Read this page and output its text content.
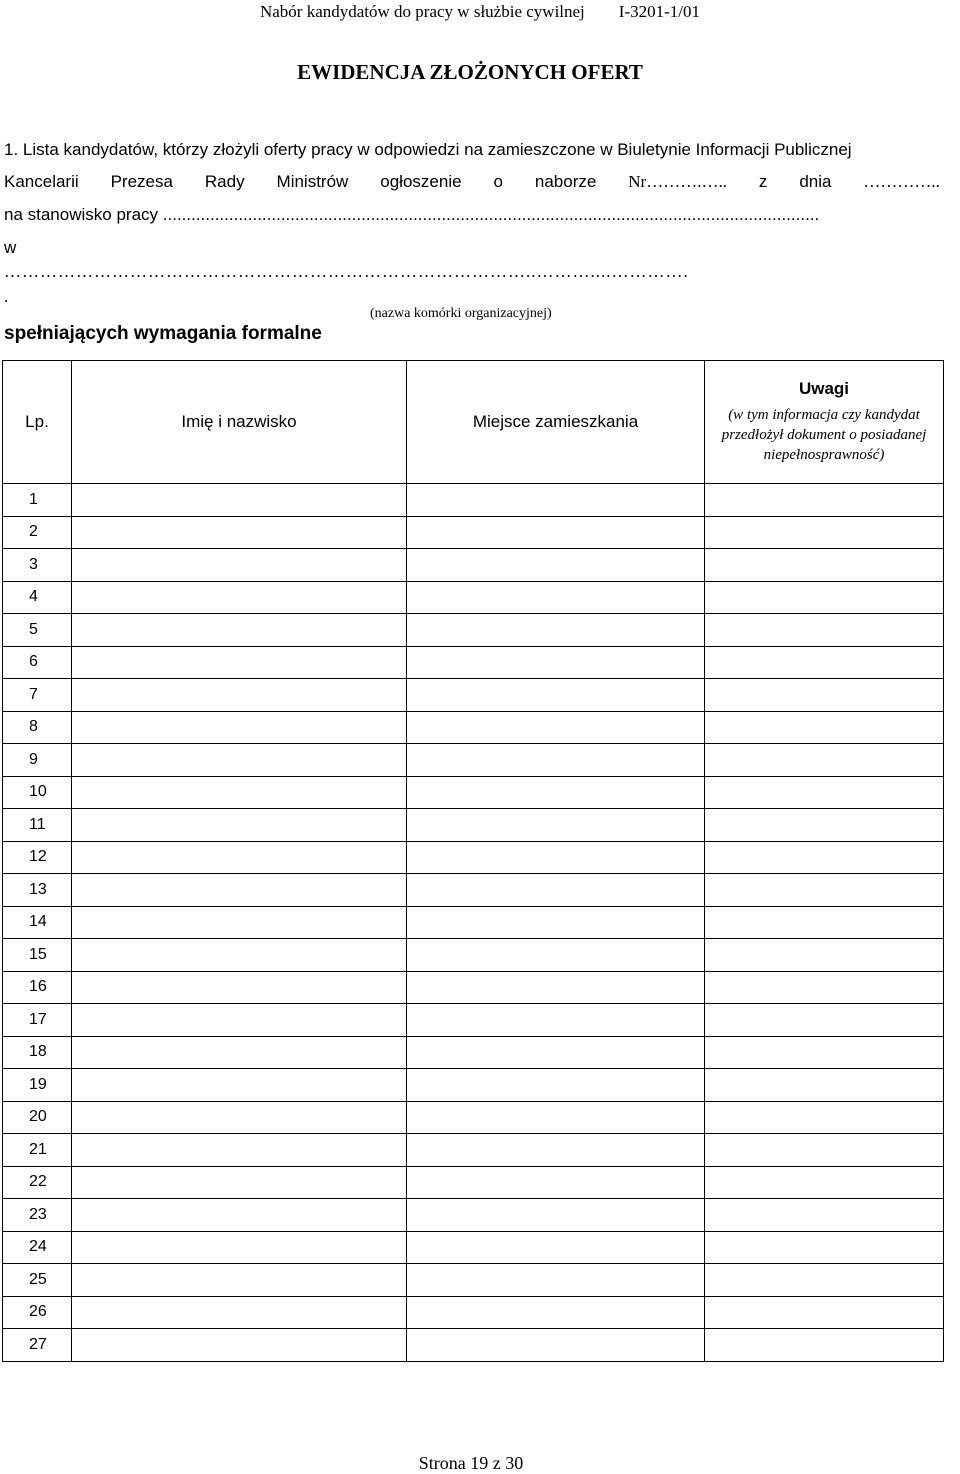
Nabór kandydatów do pracy w służbie cywilnej I-3201-1/01
EWIDENCJA ZŁOŻONYCH OFERT
1. Lista kandydatów, którzy złożyli oferty pracy w odpowiedzi na zamieszczone w Biuletynie Informacji Publicznej
Kancelarii Prezesa Rady Ministrów ogłoszenie o naborze Nr……….….. z dnia …………..
na stanowisko pracy ...........................................................................................................................................
w
……………………………………………………………………………..………....………….
.
(nazwa komórki organizacyjnej)
spełniających wymagania formalne
Lp.	Imię i nazwisko	Miejsce zamieszkania	Uwagi
(w tym informacja czy kandydat przedłożył dokument o posiadanej niepełnosprawność)

1			
2			
3			
4			
5			
6			
7			
8			
9			
10			
11			
12			
13			
14			
15			
16			
17			
18			
19			
20			
21			
22			
23			
24			
25			
26			
27			
Strona 19 z 30
